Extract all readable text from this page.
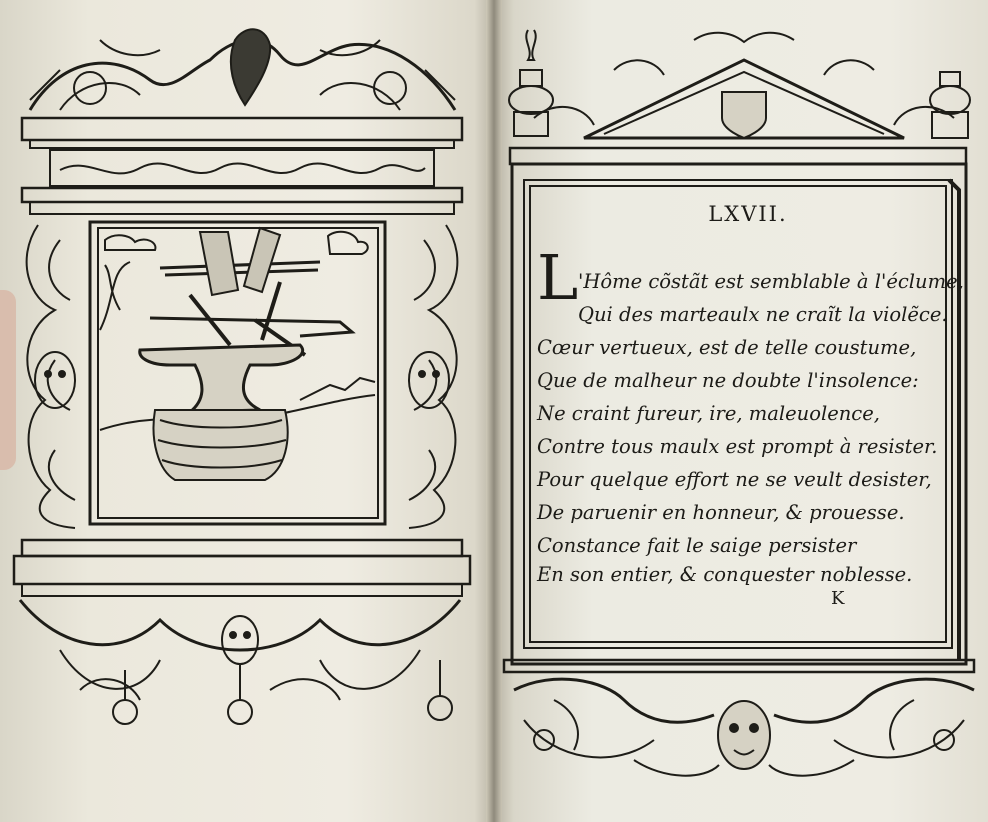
LXVII.
L 'Hôme cõstãt est semblable à l'éclume,
Qui des marteaulx ne craĩt la violẽce.
Cœur vertueux, est de telle coustume,
Que de malheur ne doubte l'insolence:
Ne craint fureur, ire, maleuolence,
Contre tous maulx est prompt à resister.
Pour quelque effort ne se veult desister,
De paruenir en honneur, & prouesse.
Constance fait le saige persister
En son entier, & conquester noblesse.
K
